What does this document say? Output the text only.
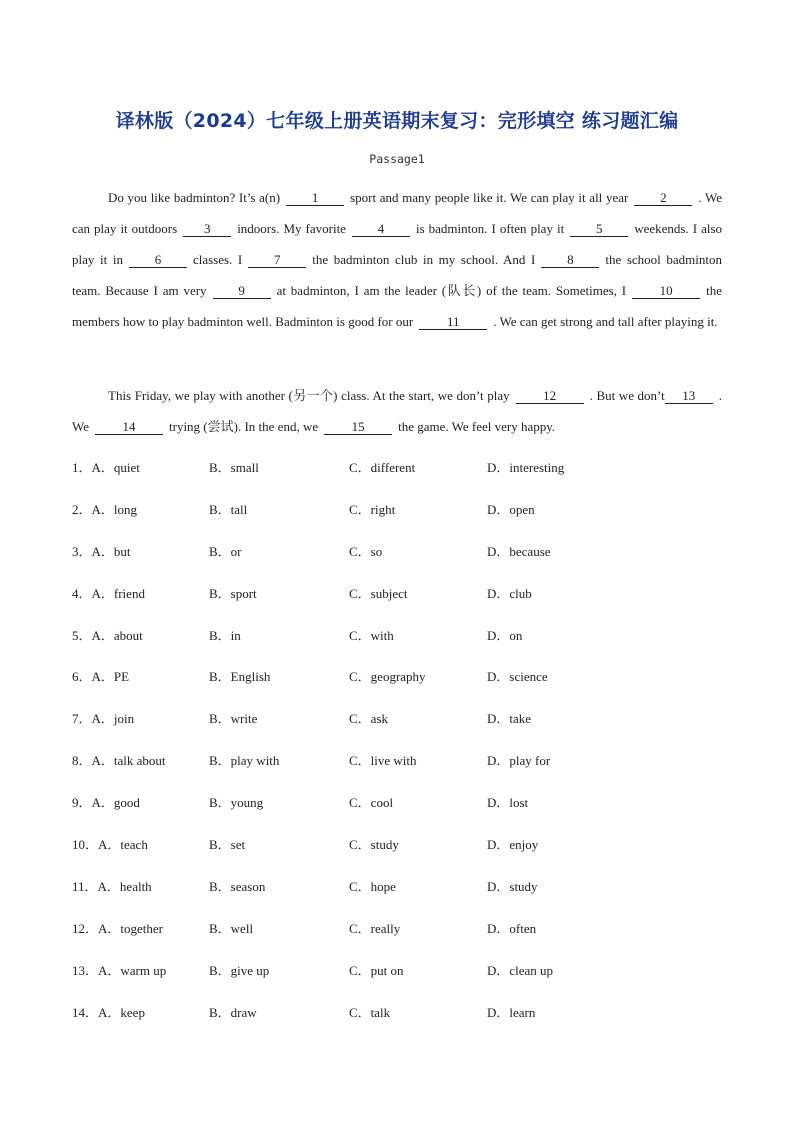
译林版（2024）七年级上册英语期末复习：完形填空 练习题汇编
Passage1

Do you like badminton? It’s a(n) 1 sport and many people like it. We can play it all year 2 . We can play it outdoors 3 indoors. My favorite 4 is badminton. I often play it 5 weekends. I also play it in 6 classes. I 7 the badminton club in my school. And I 8 the school badminton team. Because I am very 9 at badminton, I am the leader (队长) of the team. Sometimes, I	10	the members how to play badminton well. Badminton is good for our	11	. We can get strong and tall after playing it.

This Friday, we play with another (另一个) class. At the start, we don’t play	12	. But we don’t 13 . We	14	trying (尝试). In the end, we	15	the game. We feel very happy.

1．A．quiet	B．small	C．different	D．interesting
2．A．long	B．tall	C．right	D．open
3．A．but	B．or	C．so	D．because
4．A．friend	B．sport	C．subject	D．club
5．A．about	B．in	C．with	D．on
6．A．PE	B．English	C．geography	D．science
7．A．join	B．write	C．ask	D．take
8．A．talk about	B．play with	C．live with	D．play for
9．A．good	B．young	C．cool	D．lost
10．A．teach	B．set	C．study	D．enjoy
11．A．health	B．season	C．hope	D．study
12．A．together	B．well	C．really	D．often
13．A．warm up	B．give up	C．put on	D．clean up
14．A．keep	B．draw	C．talk	D．learn
